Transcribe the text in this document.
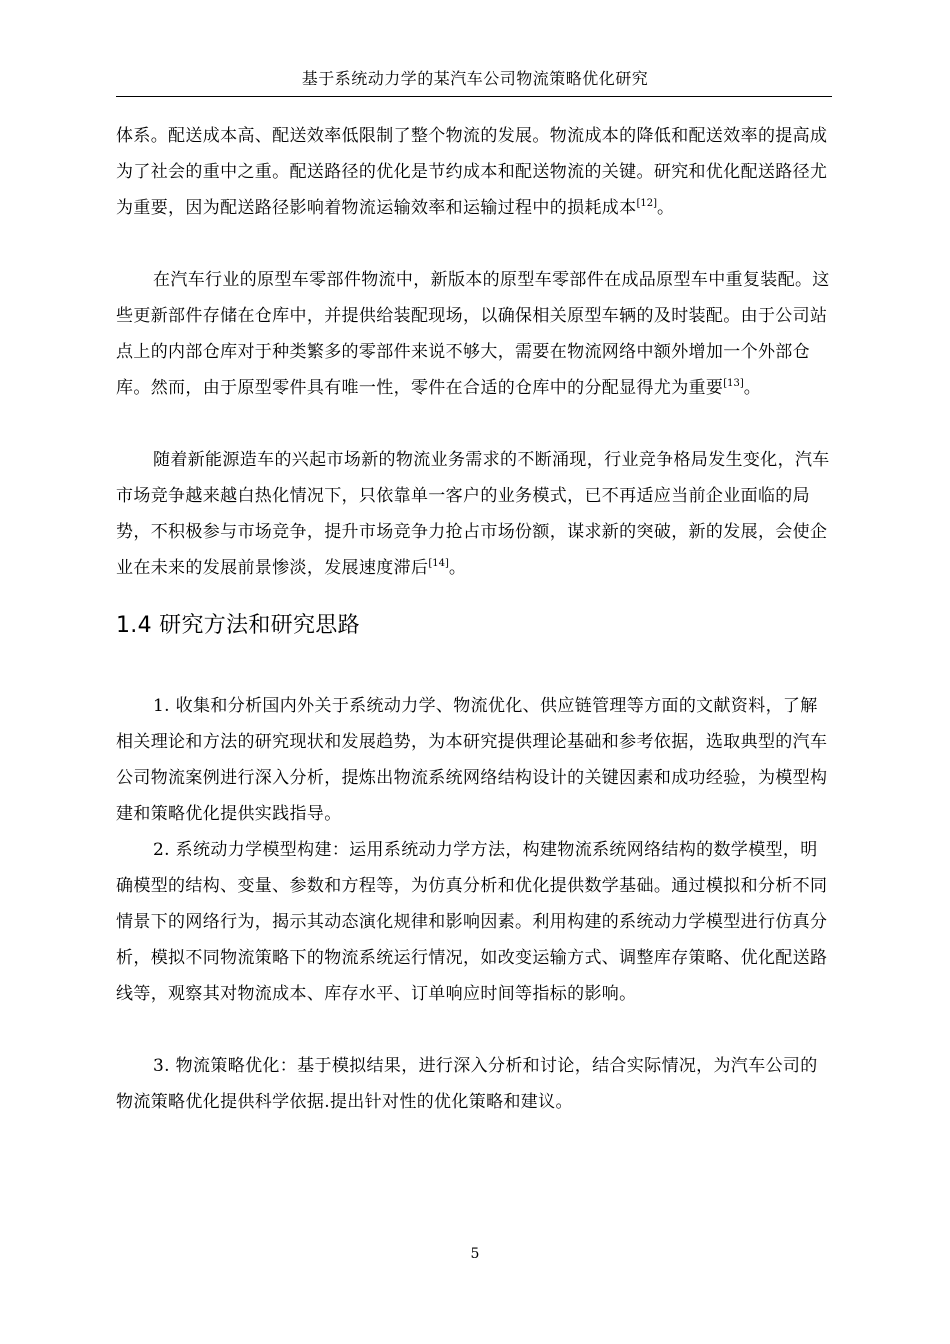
基于系统动力学的某汽车公司物流策略优化研究

体系。配送成本高、配送效率低限制了整个物流的发展。物流成本的降低和配送效率的提高成为了社会的重中之重。配送路径的优化是节约成本和配送物流的关键。研究和优化配送路径尤为重要，因为配送路径影响着物流运输效率和运输过程中的损耗成本[12]。

在汽车行业的原型车零部件物流中，新版本的原型车零部件在成品原型车中重复装配。这些更新部件存储在仓库中，并提供给装配现场，以确保相关原型车辆的及时装配。由于公司站点上的内部仓库对于种类繁多的零部件来说不够大，需要在物流网络中额外增加一个外部仓库。然而，由于原型零件具有唯一性，零件在合适的仓库中的分配显得尤为重要[13]。

随着新能源造车的兴起市场新的物流业务需求的不断涌现，行业竞争格局发生变化，汽车市场竞争越来越白热化情况下，只依靠单一客户的业务模式，已不再适应当前企业面临的局势，不积极参与市场竞争，提升市场竞争力抢占市场份额，谋求新的突破，新的发展，会使企业在未来的发展前景惨淡，发展速度滞后[14]。

1.4 研究方法和研究思路

1. 收集和分析国内外关于系统动力学、物流优化、供应链管理等方面的文献资料，了解相关理论和方法的研究现状和发展趋势，为本研究提供理论基础和参考依据，选取典型的汽车公司物流案例进行深入分析，提炼出物流系统网络结构设计的关键因素和成功经验，为模型构建和策略优化提供实践指导。

2. 系统动力学模型构建：运用系统动力学方法，构建物流系统网络结构的数学模型，明确模型的结构、变量、参数和方程等，为仿真分析和优化提供数学基础。通过模拟和分析不同情景下的网络行为，揭示其动态演化规律和影响因素。利用构建的系统动力学模型进行仿真分析，模拟不同物流策略下的物流系统运行情况，如改变运输方式、调整库存策略、优化配送路线等，观察其对物流成本、库存水平、订单响应时间等指标的影响。

3. 物流策略优化：基于模拟结果，进行深入分析和讨论，结合实际情况，为汽车公司的物流策略优化提供科学依据.提出针对性的优化策略和建议。

5
